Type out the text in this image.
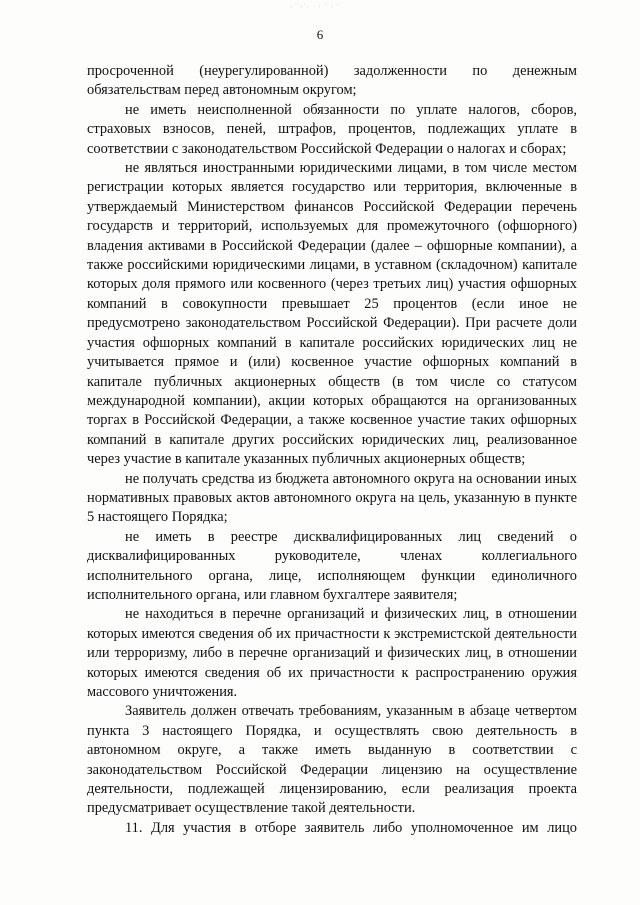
·ˈˈ·ˈ·   · ˈ · ˈ
6

просроченной (неурегулированной) задолженности по денежным обязательствам перед автономным округом;

не иметь неисполненной обязанности по уплате налогов, сборов, страховых взносов, пеней, штрафов, процентов, подлежащих уплате в соответствии с законодательством Российской Федерации о налогах и сборах;

не являться иностранными юридическими лицами, в том числе местом регистрации которых является государство или территория, включенные в утверждаемый Министерством финансов Российской Федерации перечень государств и территорий, используемых для промежуточного (офшорного) владения активами в Российской Федерации (далее – офшорные компании), а также российскими юридическими лицами, в уставном (складочном) капитале которых доля прямого или косвенного (через третьих лиц) участия офшорных компаний в совокупности превышает 25 процентов (если иное не предусмотрено законодательством Российской Федерации). При расчете доли участия офшорных компаний в капитале российских юридических лиц не учитывается прямое и (или) косвенное участие офшорных компаний в капитале публичных акционерных обществ (в том числе со статусом международной компании), акции которых обращаются на организованных торгах в Российской Федерации, а также косвенное участие таких офшорных компаний в капитале других российских юридических лиц, реализованное через участие в капитале указанных публичных акционерных обществ;

не получать средства из бюджета автономного округа на основании иных нормативных правовых актов автономного округа на цель, указанную в пункте 5 настоящего Порядка;

не иметь в реестре дисквалифицированных лиц сведений о дисквалифицированных руководителе, членах коллегиального исполнительного органа, лице, исполняющем функции единоличного исполнительного органа, или главном бухгалтере заявителя;

не находиться в перечне организаций и физических лиц, в отношении которых имеются сведения об их причастности к экстремистской деятельности или терроризму, либо в перечне организаций и физических лиц, в отношении которых имеются сведения об их причастности к распространению оружия массового уничтожения.

Заявитель должен отвечать требованиям, указанным в абзаце четвертом пункта 3 настоящего Порядка, и осуществлять свою деятельность в автономном округе, а также иметь выданную в соответствии с законодательством Российской Федерации лицензию на осуществление деятельности, подлежащей лицензированию, если реализация проекта предусматривает осуществление такой деятельности.

11. Для участия в отборе заявитель либо уполномоченное им лицо
